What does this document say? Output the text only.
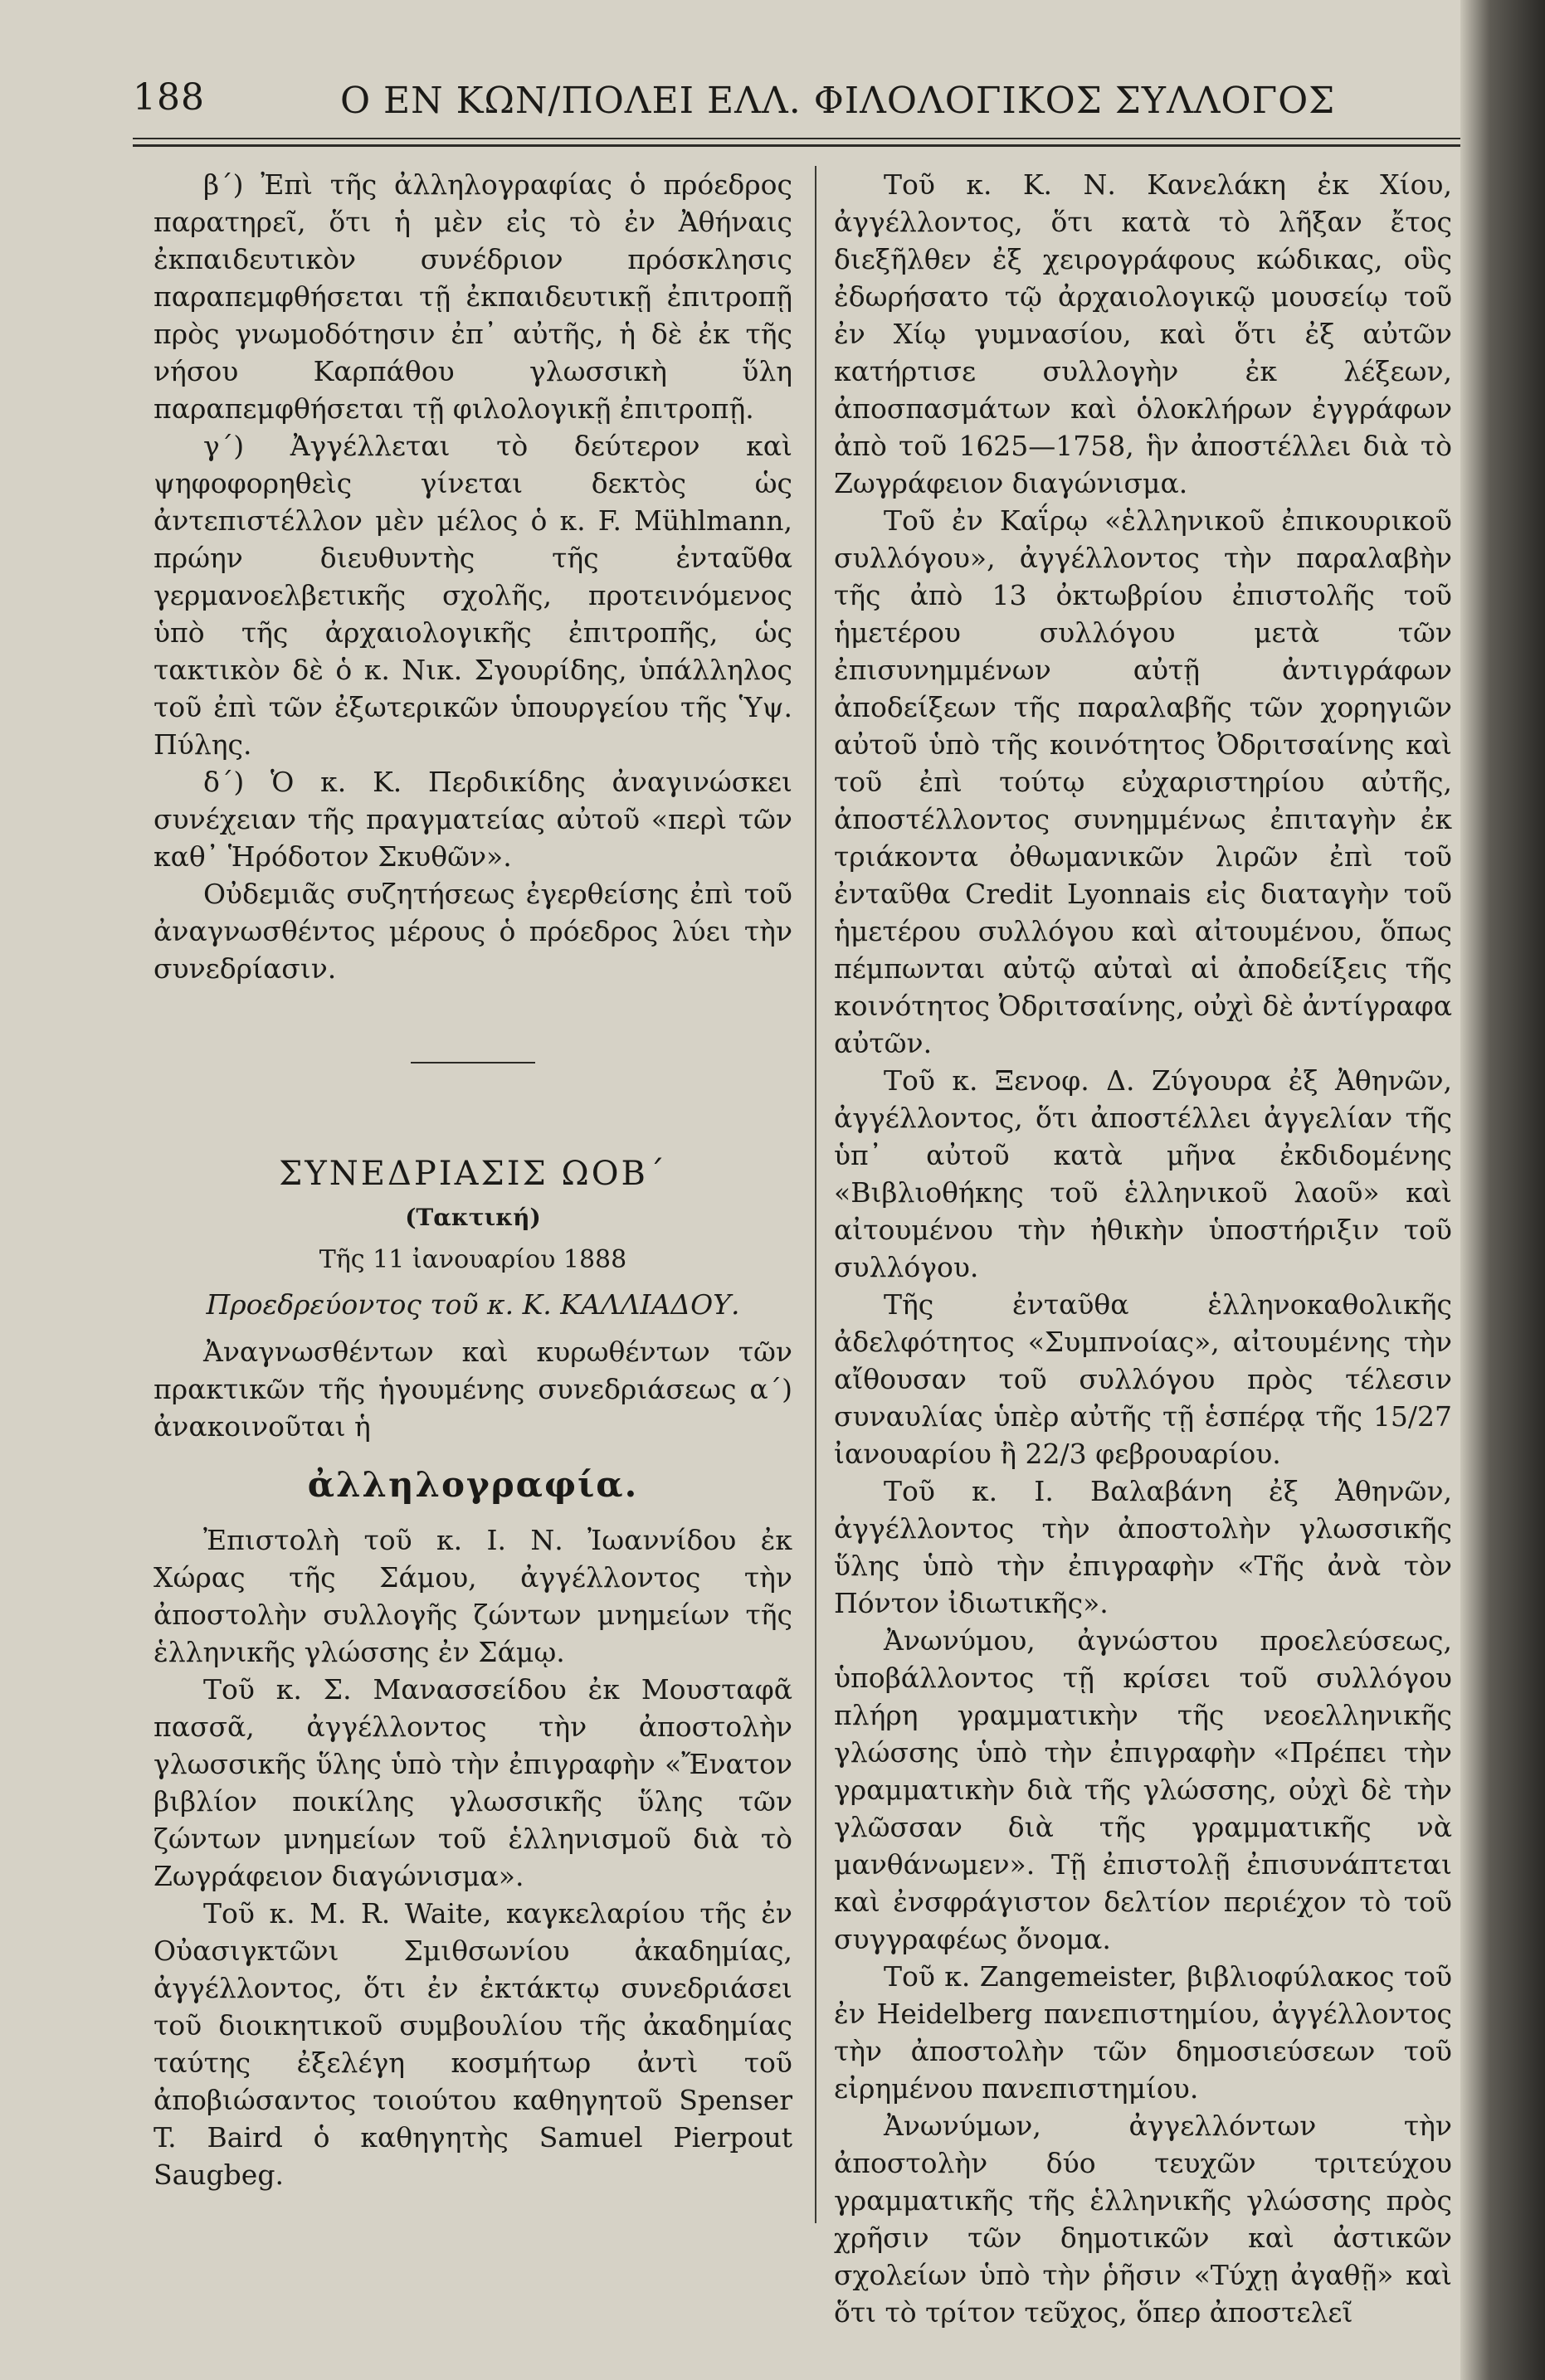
188	Ο ΕΝ ΚΩΝ/ΠΟΛΕΙ ΕΛΛ. ΦΙΛΟΛΟΓΙΚΟΣ ΣΥΛΛΟΓΟΣ

β΄) Ἐπὶ τῆς ἀλληλογραφίας ὁ πρόεδρος παρατηρεῖ, ὅτι ἡ μὲν εἰς τὸ ἐν Ἀθήναις ἐκπαιδευτικὸν συνέδριον πρόσκλησις παραπεμφθήσεται τῇ ἐκπαιδευτικῇ ἐπιτροπῇ πρὸς γνωμοδότησιν ἐπ᾽ αὐτῆς, ἡ δὲ ἐκ τῆς νήσου Καρπάθου γλωσσικὴ ὕλη παραπεμφθήσεται τῇ φιλολογικῇ ἐπιτροπῇ.

γ΄) Ἀγγέλλεται τὸ δεύτερον καὶ ψηφοφορηθεὶς γίνεται δεκτὸς ὡς ἀντεπιστέλλον μὲν μέλος ὁ κ. F. Mühlmann, πρώην διευθυντὴς τῆς ἐνταῦθα γερμανοελβετικῆς σχολῆς, προτεινόμενος ὑπὸ τῆς ἀρχαιολογικῆς ἐπιτροπῆς, ὡς τακτικὸν δὲ ὁ κ. Νικ. Σγουρίδης, ὑπάλληλος τοῦ ἐπὶ τῶν ἐξωτερικῶν ὑπουργείου τῆς Ὑψ. Πύλης.

δ΄) Ὁ κ. Κ. Περδικίδης ἀναγινώσκει συνέχειαν τῆς πραγματείας αὐτοῦ «περὶ τῶν καθ᾽ Ἡρόδοτον Σκυθῶν».

Οὐδεμιᾶς συζητήσεως ἐγερθείσης ἐπὶ τοῦ ἀναγνωσθέντος μέρους ὁ πρόεδρος λύει τὴν συνεδρίασιν.

ΣΥΝΕΔΡΙΑΣΙΣ ΩΟΒ΄
(Τακτική)
Τῆς 11 ἰανουαρίου 1888
Προεδρεύοντος τοῦ κ. Κ. ΚΑΛΛΙΑΔΟΥ.

Ἀναγνωσθέντων καὶ κυρωθέντων τῶν πρακτικῶν τῆς ἡγουμένης συνεδριάσεως α΄) ἀνακοινοῦται ἡ

ἀλληλογραφία.

Ἐπιστολὴ τοῦ κ. Ι. Ν. Ἰωαννίδου ἐκ Χώρας τῆς Σάμου, ἀγγέλλοντος τὴν ἀποστολὴν συλλογῆς ζώντων μνημείων τῆς ἑλληνικῆς γλώσσης ἐν Σάμῳ.

Τοῦ κ. Σ. Μανασσείδου ἐκ Μουσταφᾶ πασσᾶ, ἀγγέλλοντος τὴν ἀποστολὴν γλωσσικῆς ὕλης ὑπὸ τὴν ἐπιγραφὴν «Ἔνατον βιβλίον ποικίλης γλωσσικῆς ὕλης τῶν ζώντων μνημείων τοῦ ἑλληνισμοῦ διὰ τὸ Ζωγράφειον διαγώνισμα».

Τοῦ κ. M. R. Waite, καγκελαρίου τῆς ἐν Οὐασιγκτῶνι Σμιθσωνίου ἀκαδημίας, ἀγγέλλοντος, ὅτι ἐν ἐκτάκτῳ συνεδριάσει τοῦ διοικητικοῦ συμβουλίου τῆς ἀκαδημίας ταύτης ἐξελέγη κοσμήτωρ ἀντὶ τοῦ ἀποβιώσαντος τοιούτου καθηγητοῦ Spenser T. Baird ὁ καθηγητὴς Samuel Pierpout Saugbeg.

Τοῦ κ. Κ. Ν. Κανελάκη ἐκ Χίου, ἀγγέλλοντος, ὅτι κατὰ τὸ λῆξαν ἔτος διεξῆλθεν ἐξ χειρογράφους κώδικας, οὓς ἐδωρήσατο τῷ ἀρχαιολογικῷ μουσείῳ τοῦ ἐν Χίῳ γυμνασίου, καὶ ὅτι ἐξ αὐτῶν κατήρτισε συλλογὴν ἐκ λέξεων, ἀποσπασμάτων καὶ ὁλοκλήρων ἐγγράφων ἀπὸ τοῦ 1625—1758, ἣν ἀποστέλλει διὰ τὸ Ζωγράφειον διαγώνισμα.

Τοῦ ἐν Καΐρῳ «ἑλληνικοῦ ἐπικουρικοῦ συλλόγου», ἀγγέλλοντος τὴν παραλαβὴν τῆς ἀπὸ 13 ὀκτωβρίου ἐπιστολῆς τοῦ ἡμετέρου συλλόγου μετὰ τῶν ἐπισυνημμένων αὐτῇ ἀντιγράφων ἀποδείξεων τῆς παραλαβῆς τῶν χορηγιῶν αὐτοῦ ὑπὸ τῆς κοινότητος Ὀδριτσαίνης καὶ τοῦ ἐπὶ τούτῳ εὐχαριστηρίου αὐτῆς, ἀποστέλλοντος συνημμένως ἐπιταγὴν ἐκ τριάκοντα ὀθωμανικῶν λιρῶν ἐπὶ τοῦ ἐνταῦθα Credit Lyonnais εἰς διαταγὴν τοῦ ἡμετέρου συλλόγου καὶ αἰτουμένου, ὅπως πέμπωνται αὐτῷ αὐταὶ αἱ ἀποδείξεις τῆς κοινότητος Ὀδριτσαίνης, οὐχὶ δὲ ἀντίγραφα αὐτῶν.

Τοῦ κ. Ξενοφ. Δ. Ζύγουρα ἐξ Ἀθηνῶν, ἀγγέλλοντος, ὅτι ἀποστέλλει ἀγγελίαν τῆς ὑπ᾽ αὐτοῦ κατὰ μῆνα ἐκδιδομένης «Βιβλιοθήκης τοῦ ἑλληνικοῦ λαοῦ» καὶ αἰτουμένου τὴν ἠθικὴν ὑποστήριξιν τοῦ συλλόγου.

Τῆς ἐνταῦθα ἑλληνοκαθολικῆς ἀδελφότητος «Συμπνοίας», αἰτουμένης τὴν αἴθουσαν τοῦ συλλόγου πρὸς τέλεσιν συναυλίας ὑπὲρ αὐτῆς τῇ ἑσπέρᾳ τῆς 15/27 ἰανουαρίου ἢ 22/3 φεβρουαρίου.

Τοῦ κ. Ι. Βαλαβάνη ἐξ Ἀθηνῶν, ἀγγέλλοντος τὴν ἀποστολὴν γλωσσικῆς ὕλης ὑπὸ τὴν ἐπιγραφὴν «Τῆς ἀνὰ τὸν Πόντον ἰδιωτικῆς».

Ἀνωνύμου, ἀγνώστου προελεύσεως, ὑποβάλλοντος τῇ κρίσει τοῦ συλλόγου πλήρη γραμματικὴν τῆς νεοελληνικῆς γλώσσης ὑπὸ τὴν ἐπιγραφὴν «Πρέπει τὴν γραμματικὴν διὰ τῆς γλώσσης, οὐχὶ δὲ τὴν γλῶσσαν διὰ τῆς γραμματικῆς νὰ μανθάνωμεν». Τῇ ἐπιστολῇ ἐπισυνάπτεται καὶ ἐνσφράγιστον δελτίον περιέχον τὸ τοῦ συγγραφέως ὄνομα.

Τοῦ κ. Zangemeister, βιβλιοφύλακος τοῦ ἐν Heidelberg πανεπιστημίου, ἀγγέλλοντος τὴν ἀποστολὴν τῶν δημοσιεύσεων τοῦ εἰρημένου πανεπιστημίου.

Ἀνωνύμων, ἀγγελλόντων τὴν ἀποστολὴν δύο τευχῶν τριτεύχου γραμματικῆς τῆς ἑλληνικῆς γλώσσης πρὸς χρῆσιν τῶν δημοτικῶν καὶ ἀστικῶν σχολείων ὑπὸ τὴν ῥῆσιν «Τύχῃ ἀγαθῇ» καὶ ὅτι τὸ τρίτον τεῦχος, ὅπερ ἀποστελεῖ
